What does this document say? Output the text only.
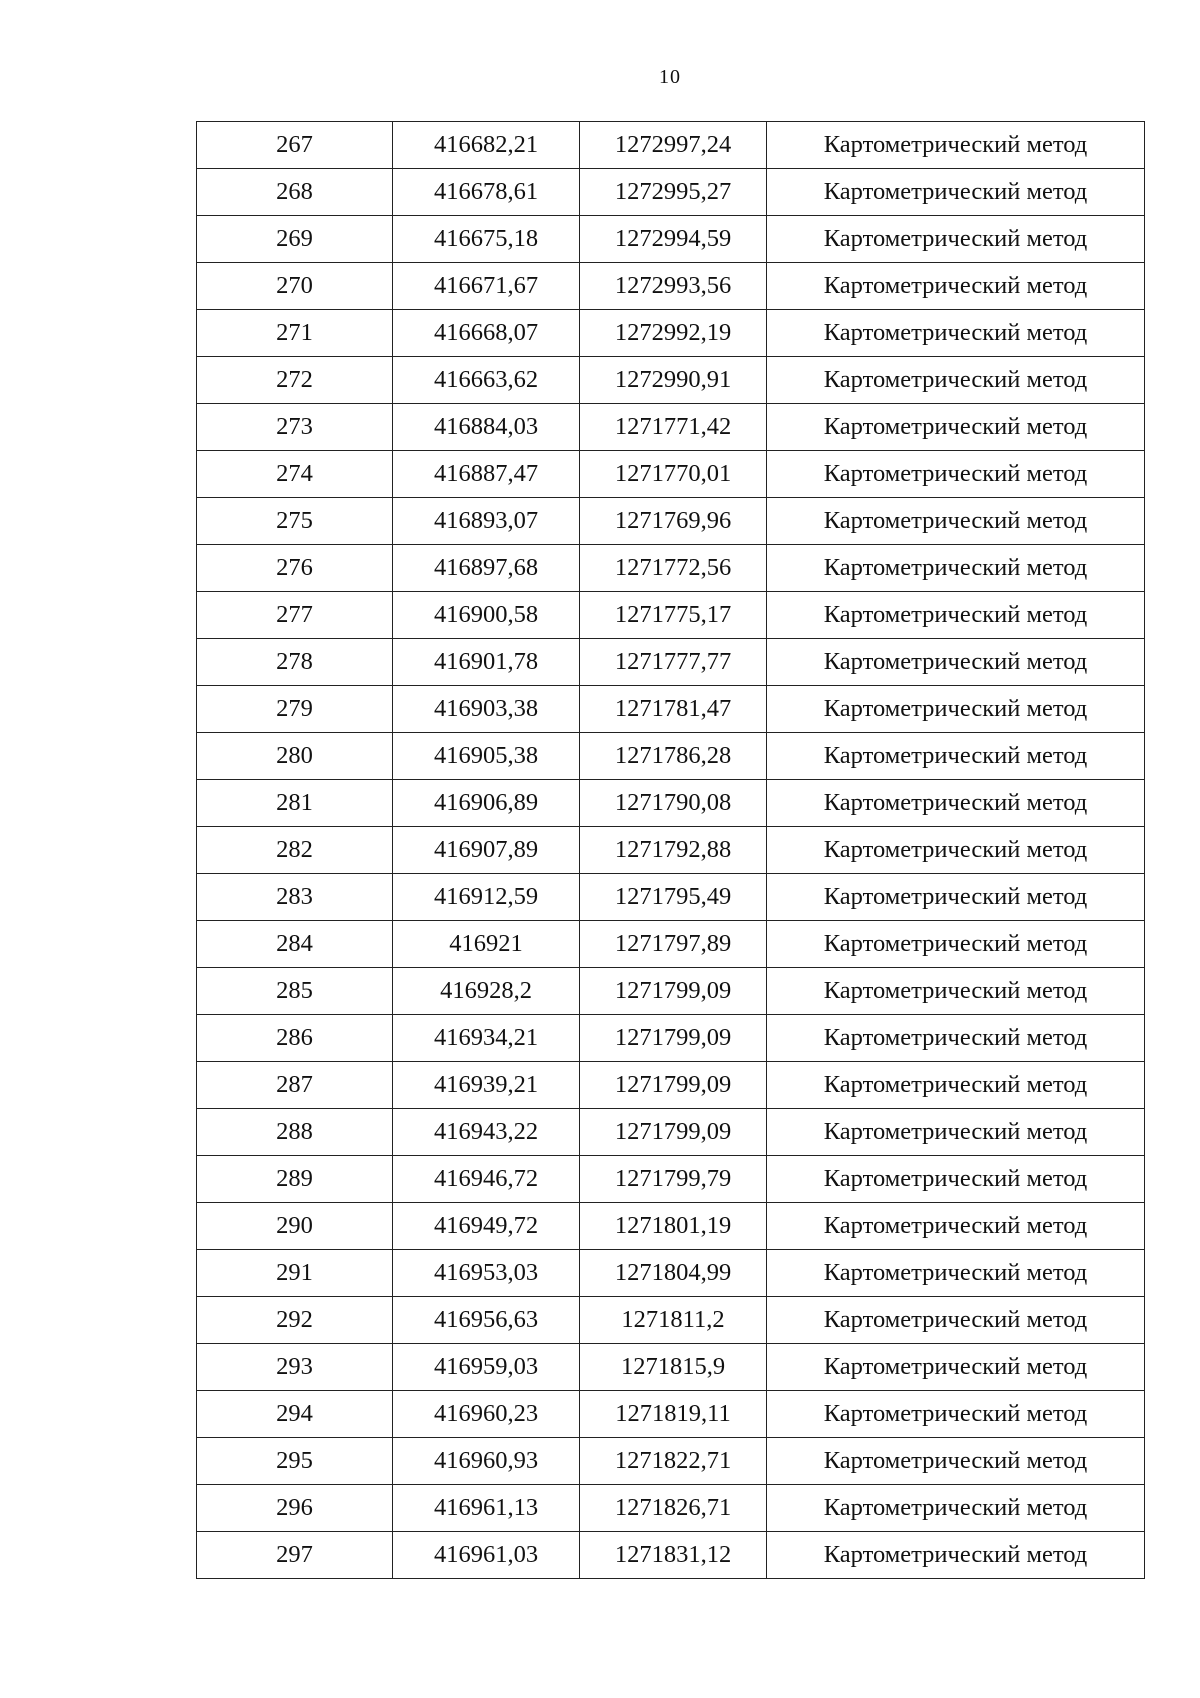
10
267	416682,21	1272997,24	Картометрический метод
268	416678,61	1272995,27	Картометрический метод
269	416675,18	1272994,59	Картометрический метод
270	416671,67	1272993,56	Картометрический метод
271	416668,07	1272992,19	Картометрический метод
272	416663,62	1272990,91	Картометрический метод
273	416884,03	1271771,42	Картометрический метод
274	416887,47	1271770,01	Картометрический метод
275	416893,07	1271769,96	Картометрический метод
276	416897,68	1271772,56	Картометрический метод
277	416900,58	1271775,17	Картометрический метод
278	416901,78	1271777,77	Картометрический метод
279	416903,38	1271781,47	Картометрический метод
280	416905,38	1271786,28	Картометрический метод
281	416906,89	1271790,08	Картометрический метод
282	416907,89	1271792,88	Картометрический метод
283	416912,59	1271795,49	Картометрический метод
284	416921	1271797,89	Картометрический метод
285	416928,2	1271799,09	Картометрический метод
286	416934,21	1271799,09	Картометрический метод
287	416939,21	1271799,09	Картометрический метод
288	416943,22	1271799,09	Картометрический метод
289	416946,72	1271799,79	Картометрический метод
290	416949,72	1271801,19	Картометрический метод
291	416953,03	1271804,99	Картометрический метод
292	416956,63	1271811,2	Картометрический метод
293	416959,03	1271815,9	Картометрический метод
294	416960,23	1271819,11	Картометрический метод
295	416960,93	1271822,71	Картометрический метод
296	416961,13	1271826,71	Картометрический метод
297	416961,03	1271831,12	Картометрический метод
